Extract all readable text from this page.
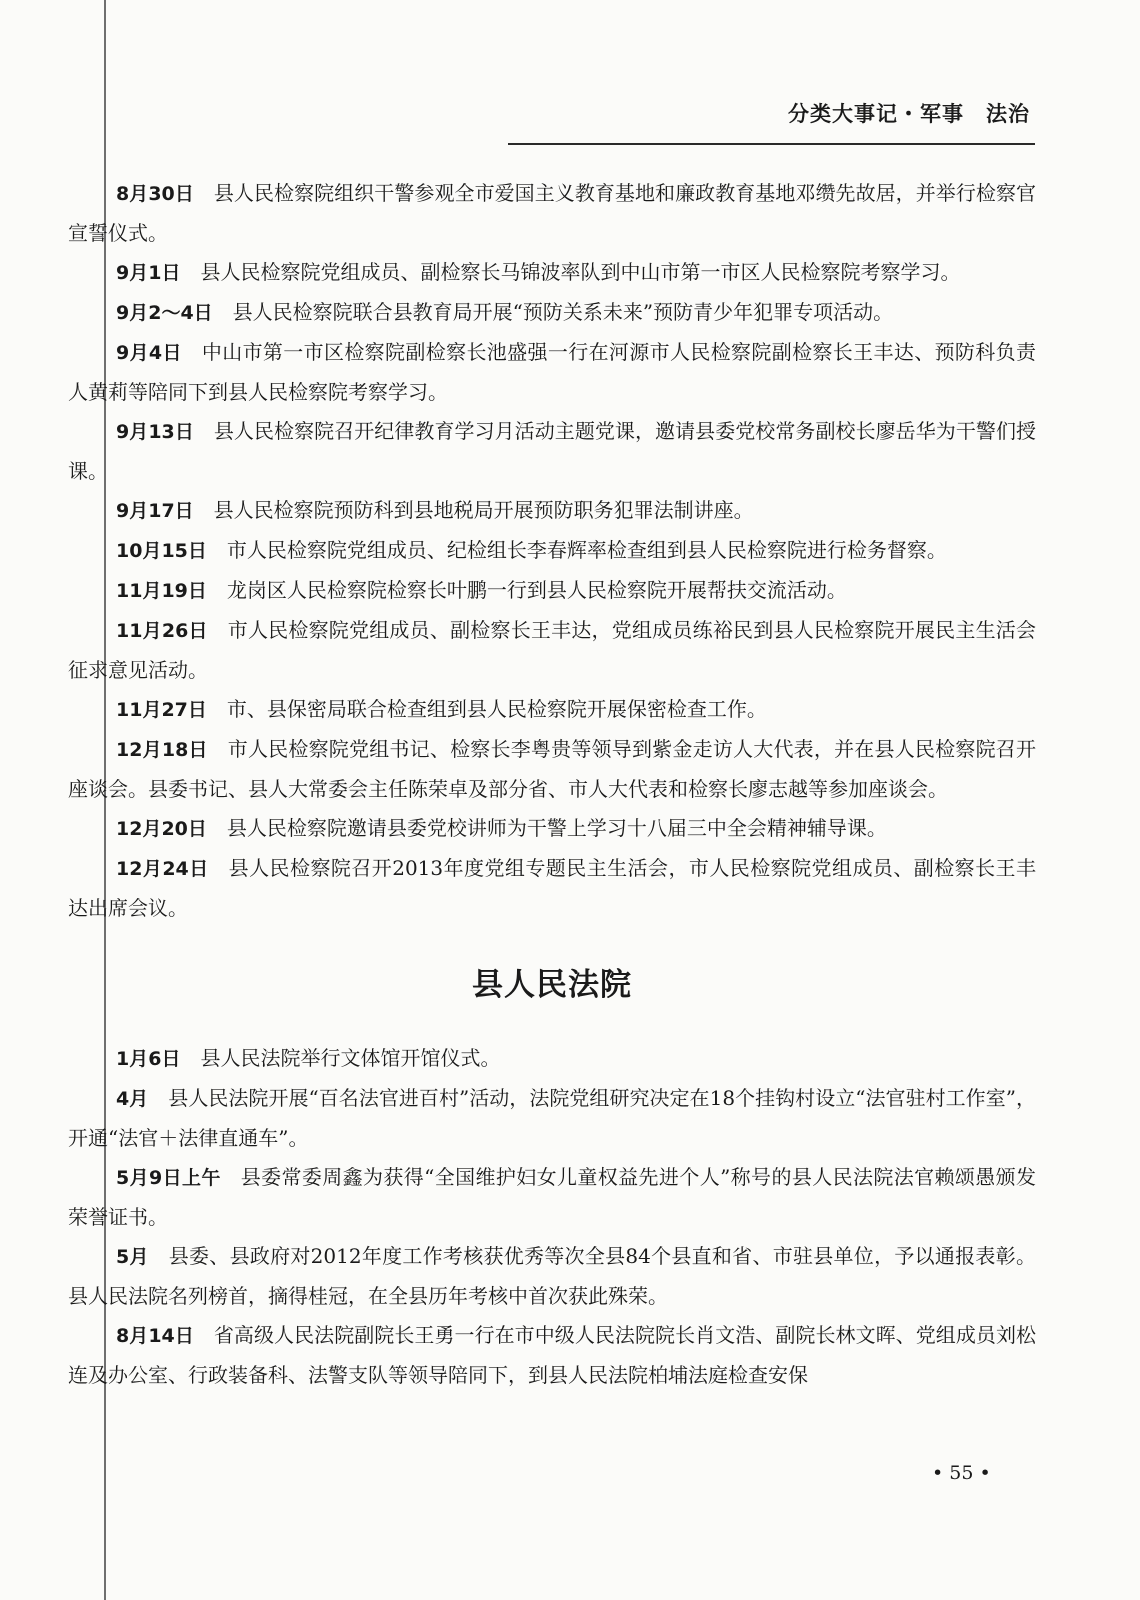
分类大事记・军事　法治

8月30日 县人民检察院组织干警参观全市爱国主义教育基地和廉政教育基地邓缵先故居，并举行检察官宣誓仪式。

9月1日 县人民检察院党组成员、副检察长马锦波率队到中山市第一市区人民检察院考察学习。

9月2～4日 县人民检察院联合县教育局开展“预防关系未来”预防青少年犯罪专项活动。

9月4日 中山市第一市区检察院副检察长池盛强一行在河源市人民检察院副检察长王丰达、预防科负责人黄莉等陪同下到县人民检察院考察学习。

9月13日 县人民检察院召开纪律教育学习月活动主题党课，邀请县委党校常务副校长廖岳华为干警们授课。

9月17日 县人民检察院预防科到县地税局开展预防职务犯罪法制讲座。

10月15日 市人民检察院党组成员、纪检组长李春辉率检查组到县人民检察院进行检务督察。

11月19日 龙岗区人民检察院检察长叶鹏一行到县人民检察院开展帮扶交流活动。

11月26日 市人民检察院党组成员、副检察长王丰达，党组成员练裕民到县人民检察院开展民主生活会征求意见活动。

11月27日 市、县保密局联合检查组到县人民检察院开展保密检查工作。

12月18日 市人民检察院党组书记、检察长李粤贵等领导到紫金走访人大代表，并在县人民检察院召开座谈会。县委书记、县人大常委会主任陈荣卓及部分省、市人大代表和检察长廖志越等参加座谈会。

12月20日 县人民检察院邀请县委党校讲师为干警上学习十八届三中全会精神辅导课。

12月24日 县人民检察院召开2013年度党组专题民主生活会，市人民检察院党组成员、副检察长王丰达出席会议。

县人民法院

1月6日 县人民法院举行文体馆开馆仪式。

4月 县人民法院开展“百名法官进百村”活动，法院党组研究决定在18个挂钩村设立“法官驻村工作室”，开通“法官＋法律直通车”。

5月9日上午 县委常委周鑫为获得“全国维护妇女儿童权益先进个人”称号的县人民法院法官赖颂愚颁发荣誉证书。

5月 县委、县政府对2012年度工作考核获优秀等次全县84个县直和省、市驻县单位，予以通报表彰。县人民法院名列榜首，摘得桂冠，在全县历年考核中首次获此殊荣。

8月14日 省高级人民法院副院长王勇一行在市中级人民法院院长肖文浩、副院长林文晖、党组成员刘松连及办公室、行政装备科、法警支队等领导陪同下，到县人民法院柏埔法庭检查安保

• 55 •
